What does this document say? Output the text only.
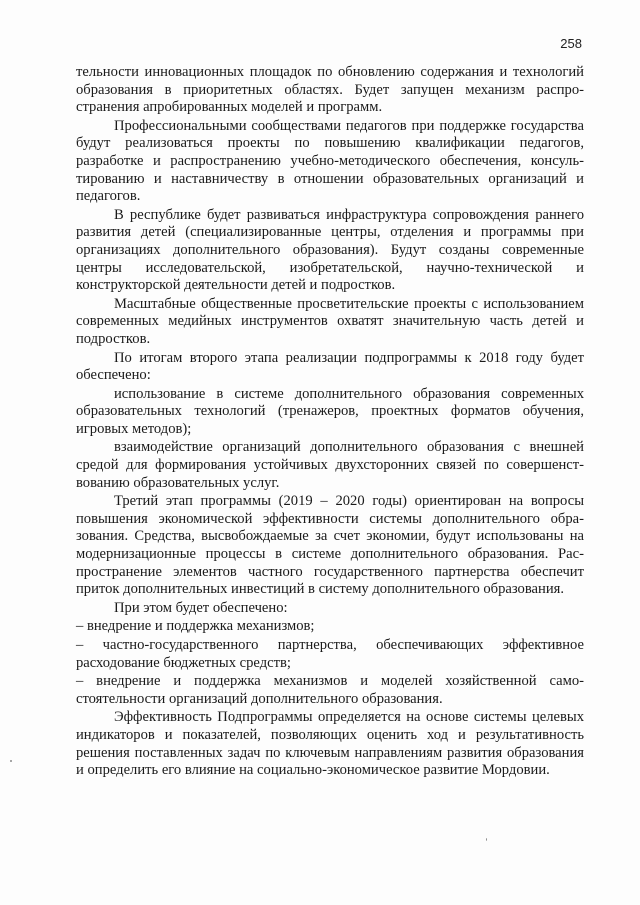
258

тельности инновационных площадок по обновлению содержания и технологий образования в приоритетных областях. Будет запущен механизм распространения апробированных моделей и программ.

Профессиональными сообществами педагогов при поддержке государства будут реализоваться проекты по повышению квалификации педагогов, разработке и распространению учебно-методического обеспечения, консультированию и наставничеству в отношении образовательных организаций и педагогов.

В республике будет развиваться инфраструктура сопровождения раннего развития детей (специализированные центры, отделения и программы при организациях дополнительного образования). Будут созданы современные центры исследовательской, изобретательской, научно-технической и конструкторской деятельности детей и подростков.

Масштабные общественные просветительские проекты с использованием современных медийных инструментов охватят значительную часть детей и подростков.

По итогам второго этапа реализации подпрограммы к 2018 году будет обеспечено:

использование в системе дополнительного образования современных образовательных технологий (тренажеров, проектных форматов обучения, игровых методов);

взаимодействие организаций дополнительного образования с внешней средой для формирования устойчивых двухсторонних связей по совершенствованию образовательных услуг.

Третий этап программы (2019 – 2020 годы) ориентирован на вопросы повышения экономической эффективности системы дополнительного образования. Средства, высвобождаемые за счет экономии, будут использованы на модернизационные процессы в системе дополнительного образования. Распространение элементов частного государственного партнерства обеспечит приток дополнительных инвестиций в систему дополнительного образования.

При этом будет обеспечено:

– внедрение и поддержка механизмов;

– частно-государственного партнерства, обеспечивающих эффективное расходование бюджетных средств;

– внедрение и поддержка механизмов и моделей хозяйственной самостоятельности организаций дополнительного образования.

Эффективность Подпрограммы определяется на основе системы целевых индикаторов и показателей, позволяющих оценить ход и результативность решения поставленных задач по ключевым направлениям развития образования и определить его влияние на социально-экономическое развитие Мордовии.
